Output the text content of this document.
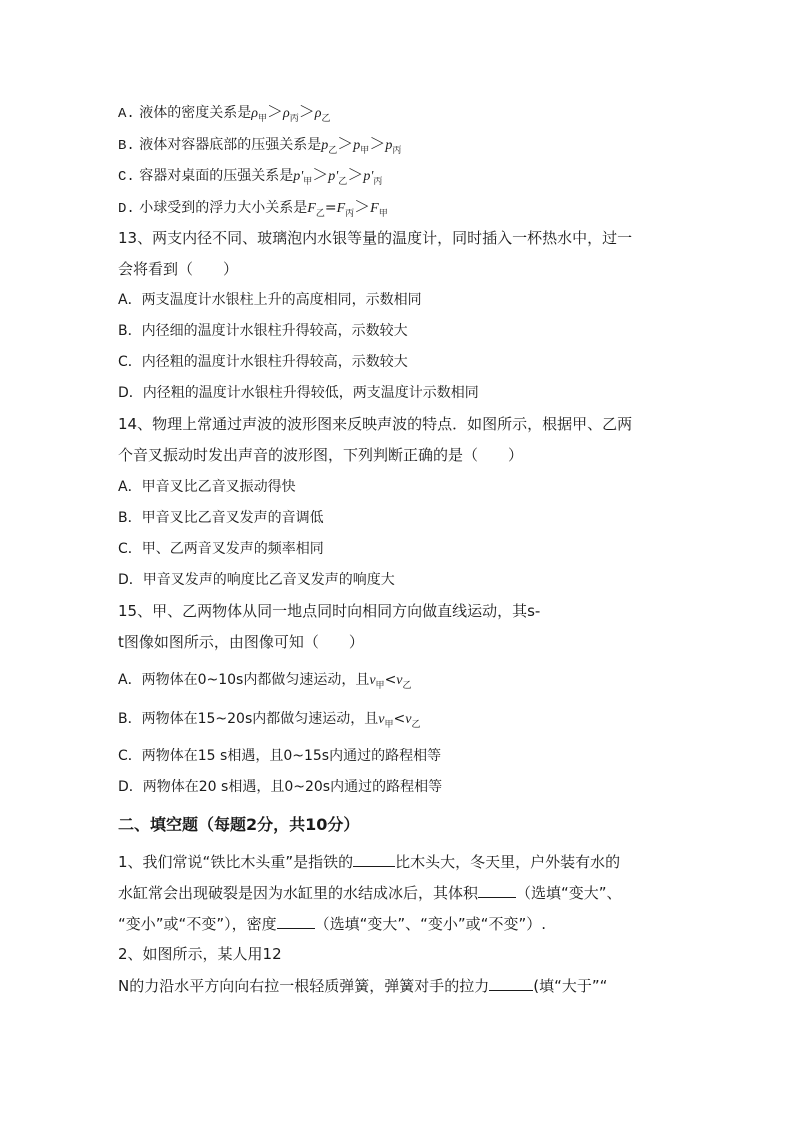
A. 液体的密度关系是$\rho_甲>\rho_丙>\rho_乙$
B. 液体对容器底部的压强关系是$p_乙>p_甲>p_丙$
C. 容器对桌面的压强关系是$p'_甲>p'_乙>p'_丙$
D. 小球受到的浮力大小关系是$F_乙=F_丙>F_甲$
13、两支内径不同、玻璃泡内水银等量的温度计，同时插入一杯热水中，过一
会将看到（　　）
A．两支温度计水银柱上升的高度相同，示数相同
B．内径细的温度计水银柱升得较高，示数较大
C．内径粗的温度计水银柱升得较高，示数较大
D．内径粗的温度计水银柱升得较低，两支温度计示数相同
14、物理上常通过声波的波形图来反映声波的特点．如图所示，根据甲、乙两
个音叉振动时发出声音的波形图，下列判断正确的是（　　）
A．甲音叉比乙音叉振动得快
B．甲音叉比乙音叉发声的音调低
C．甲、乙两音叉发声的频率相同
D．甲音叉发声的响度比乙音叉发声的响度大
15、甲、乙两物体从同一地点同时向相同方向做直线运动，其s-
t图像如图所示，由图像可知（　　）
A．两物体在0~10s内都做匀速运动，且$v_甲<v_乙$
B．两物体在15~20s内都做匀速运动，且$v_甲<v_乙$
C．两物体在15 s相遇，且0~15s内通过的路程相等
D．两物体在20 s相遇，且0~20s内通过的路程相等
二、填空题（每题2分，共10分）
1、我们常说“铁比木头重”是指铁的	比木头大，冬天里，户外装有水的
水缸常会出现破裂是因为水缸里的水结成冰后，其体积	（选填“变大”、
“变小”或“不变”），密度	（选填“变大”、“变小”或“不变”）.
2、如图所示，某人用12
N的力沿水平方向向右拉一根轻质弹簧，弹簧对手的拉力	(填“大于”“
